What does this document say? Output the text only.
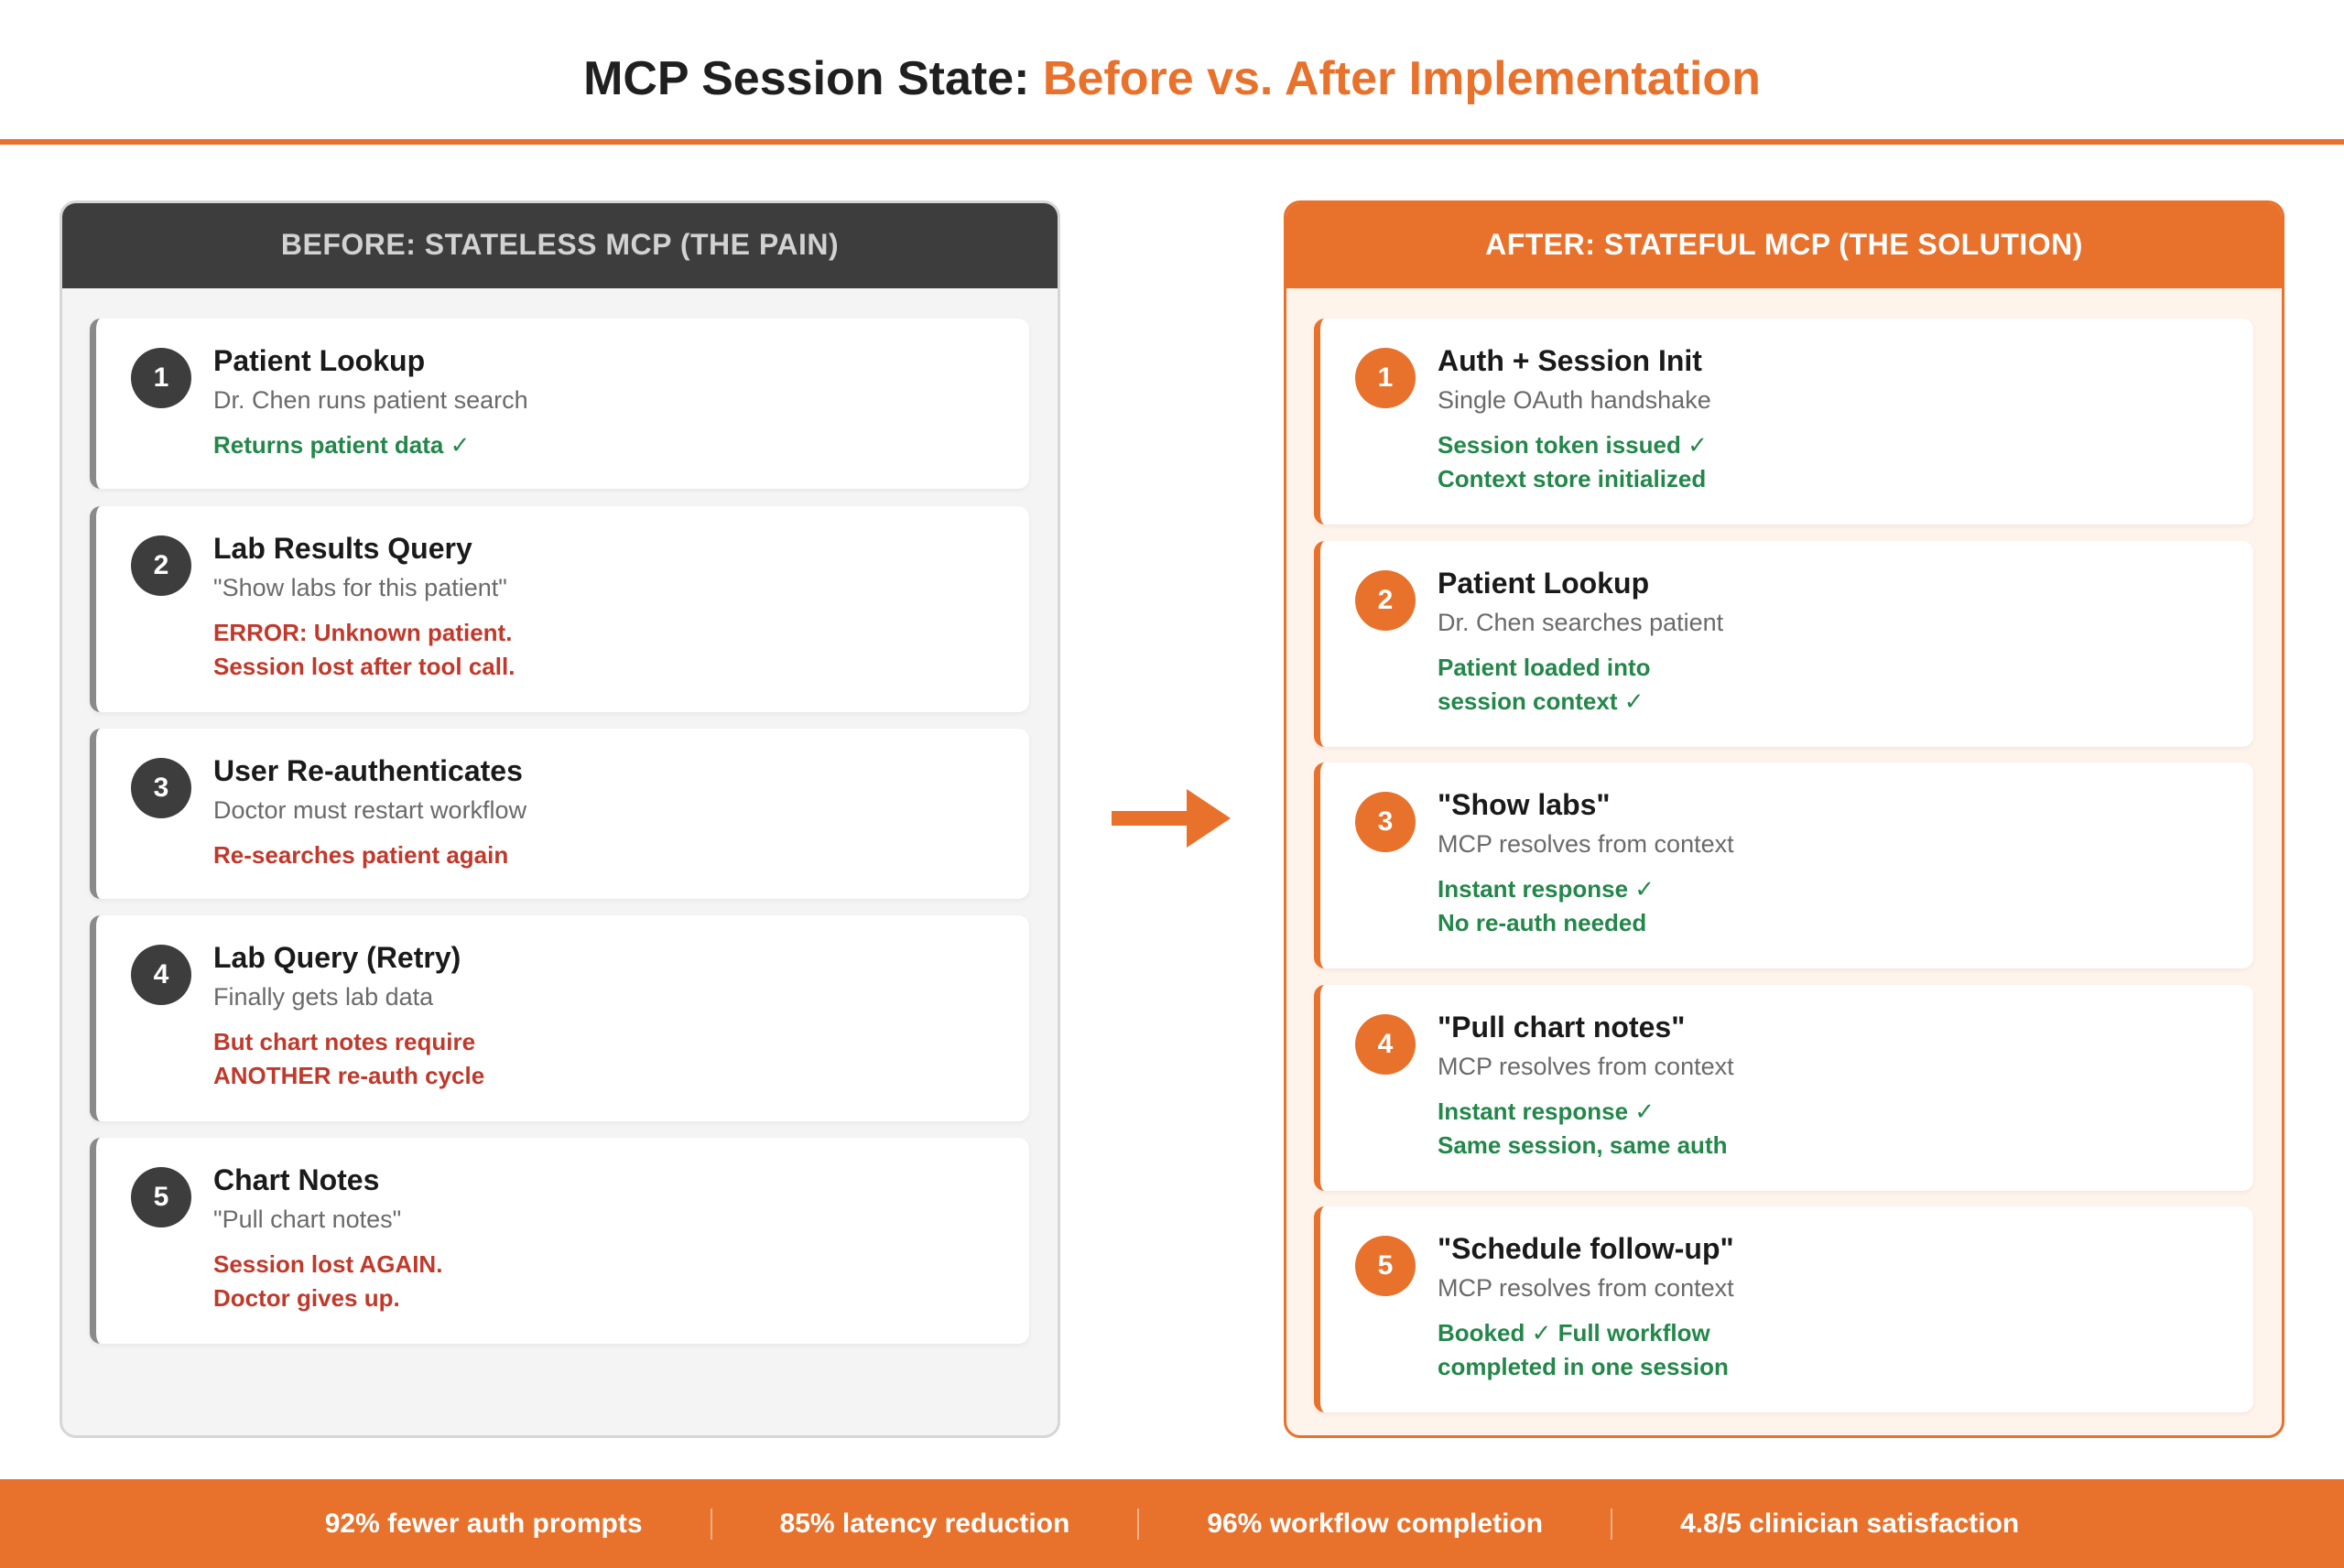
MCP Session State: Before vs. After Implementation
BEFORE: STATELESS MCP (THE PAIN)
1
Patient Lookup
Dr. Chen runs patient search
Returns patient data ✓
2
Lab Results Query
"Show labs for this patient"
ERROR: Unknown patient.
Session lost after tool call.
3
User Re-authenticates
Doctor must restart workflow
Re-searches patient again
4
Lab Query (Retry)
Finally gets lab data
But chart notes require
ANOTHER re-auth cycle
5
Chart Notes
"Pull chart notes"
Session lost AGAIN.
Doctor gives up.
AFTER: STATEFUL MCP (THE SOLUTION)
1
Auth + Session Init
Single OAuth handshake
Session token issued ✓
Context store initialized
2
Patient Lookup
Dr. Chen searches patient
Patient loaded into
session context ✓
3
"Show labs"
MCP resolves from context
Instant response ✓
No re-auth needed
4
"Pull chart notes"
MCP resolves from context
Instant response ✓
Same session, same auth
5
"Schedule follow-up"
MCP resolves from context
Booked ✓ Full workflow
completed in one session
92% fewer auth prompts	85% latency reduction	96% workflow completion	4.8/5 clinician satisfaction
